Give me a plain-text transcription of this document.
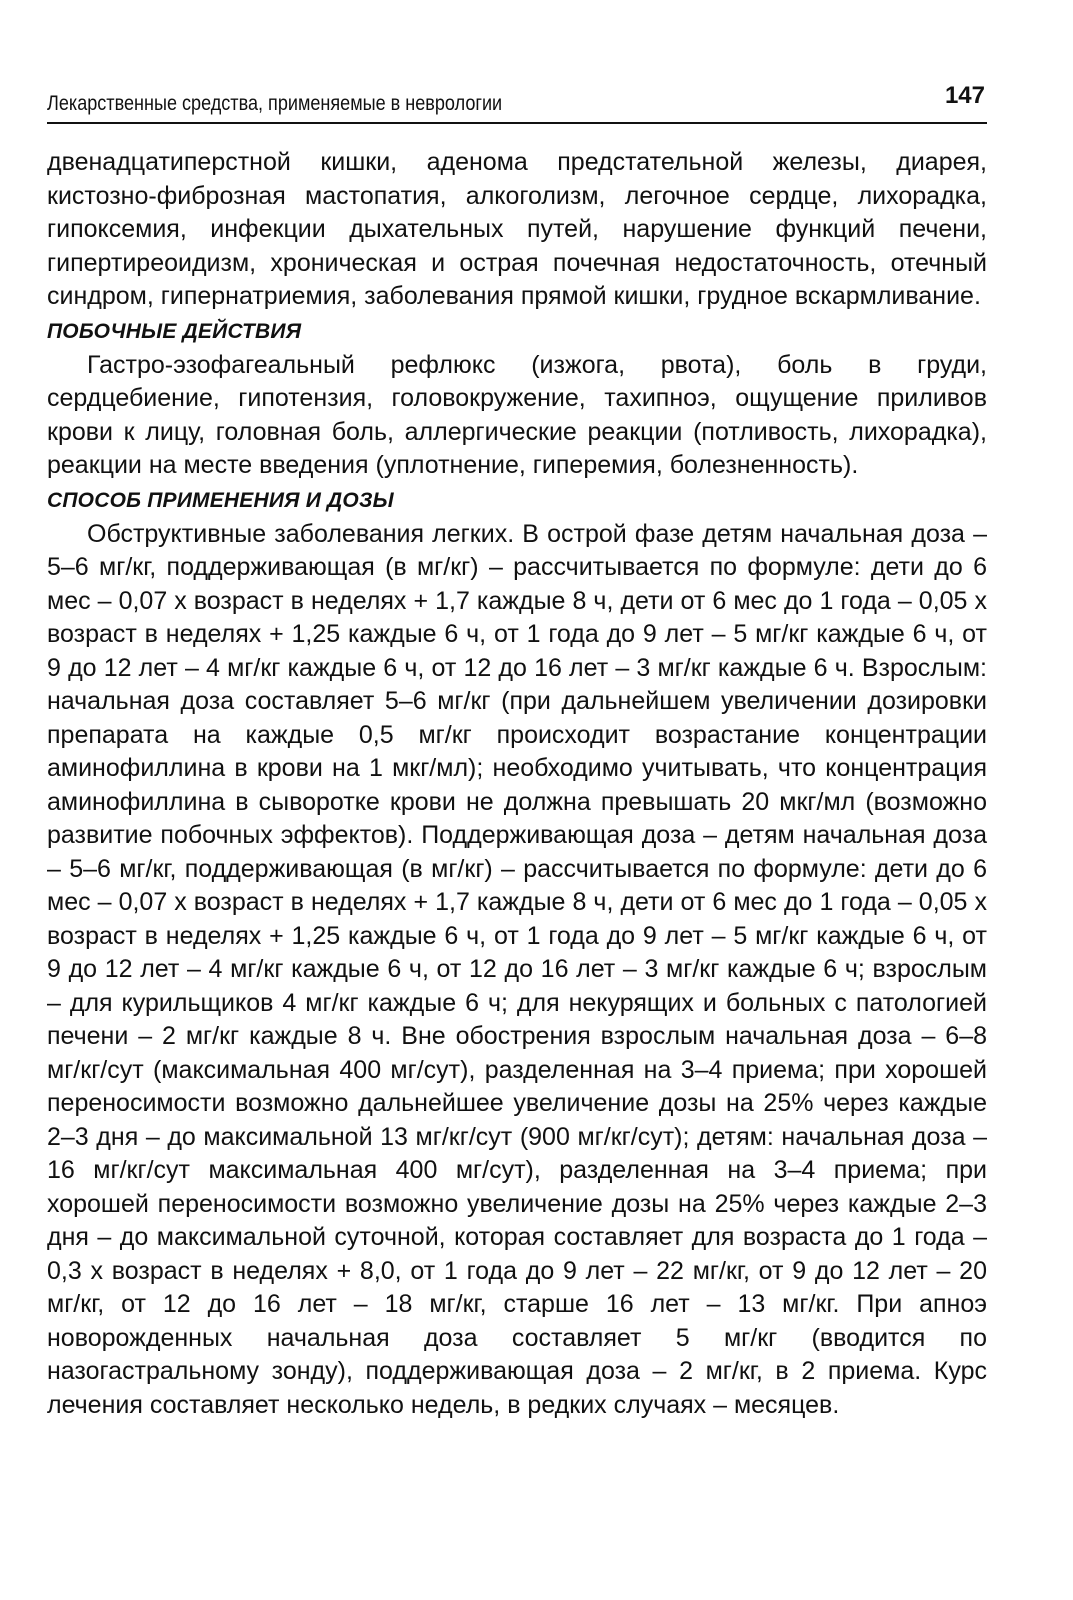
Лекарственные средства, применяемые в неврологии	147

двенадцатиперстной кишки, аденома предстательной железы, диарея, кистозно-фиброзная мастопатия, алкоголизм, легочное сердце, лихорадка, гипоксемия, инфекции дыхательных путей, нарушение функций печени, гипертиреоидизм, хроническая и острая почечная недостаточность, отечный синдром, гипернатриемия, заболевания прямой кишки, грудное вскармливание.

ПОБОЧНЫЕ ДЕЙСТВИЯ

Гастро-эзофагеальный рефлюкс (изжога, рвота), боль в груди, сердцебиение, гипотензия, головокружение, тахипноэ, ощущение приливов крови к лицу, головная боль, аллергические реакции (потливость, лихорадка), реакции на месте введения (уплотнение, гиперемия, болезненность).

СПОСОБ ПРИМЕНЕНИЯ И ДОЗЫ

Обструктивные заболевания легких. В острой фазе детям начальная доза – 5–6 мг/кг, поддерживающая (в мг/кг) – рассчитывается по формуле: дети до 6 мес – 0,07 х возраст в неделях + 1,7 каждые 8 ч, дети от 6 мес до 1 года – 0,05 х возраст в неделях + 1,25 каждые 6 ч, от 1 года до 9 лет – 5 мг/кг каждые 6 ч, от 9 до 12 лет – 4 мг/кг каждые 6 ч, от 12 до 16 лет – 3 мг/кг каждые 6 ч. Взрослым: начальная доза составляет 5–6 мг/кг (при дальнейшем увеличении дозировки препарата на каждые 0,5 мг/кг происходит возрастание концентрации аминофиллина в крови на 1 мкг/мл); необходимо учитывать, что концентрация аминофиллина в сыворотке крови не должна превышать 20 мкг/мл (возможно развитие побочных эффектов). Поддерживающая доза – детям начальная доза – 5–6 мг/кг, поддерживающая (в мг/кг) – рассчитывается по формуле: дети до 6 мес – 0,07 х возраст в неделях + 1,7 каждые 8 ч, дети от 6 мес до 1 года – 0,05 х возраст в неделях + 1,25 каждые 6 ч, от 1 года до 9 лет – 5 мг/кг каждые 6 ч, от 9 до 12 лет – 4 мг/кг каждые 6 ч, от 12 до 16 лет – 3 мг/кг каждые 6 ч; взрослым – для курильщиков 4 мг/кг каждые 6 ч; для некурящих и больных с патологией печени – 2 мг/кг каждые 8 ч. Вне обострения взрослым начальная доза – 6–8 мг/кг/сут (максимальная 400 мг/сут), разделенная на 3–4 приема; при хорошей переносимости возможно дальнейшее увеличение дозы на 25% через каждые 2–3 дня – до максимальной 13 мг/кг/сут (900 мг/кг/сут); детям: начальная доза – 16 мг/кг/сут максимальная 400 мг/сут), разделенная на 3–4 приема; при хорошей переносимости возможно увеличение дозы на 25% через каждые 2–3 дня – до максимальной суточной, которая составляет для возраста до 1 года – 0,3 х возраст в неделях + 8,0, от 1 года до 9 лет – 22 мг/кг, от 9 до 12 лет – 20 мг/кг, от 12 до 16 лет – 18 мг/кг, старше 16 лет – 13 мг/кг. При апноэ новорожденных начальная доза составляет 5 мг/кг (вводится по назогастральному зонду), поддерживающая доза – 2 мг/кг, в 2 приема. Курс лечения составляет несколько недель, в редких случаях – месяцев.
